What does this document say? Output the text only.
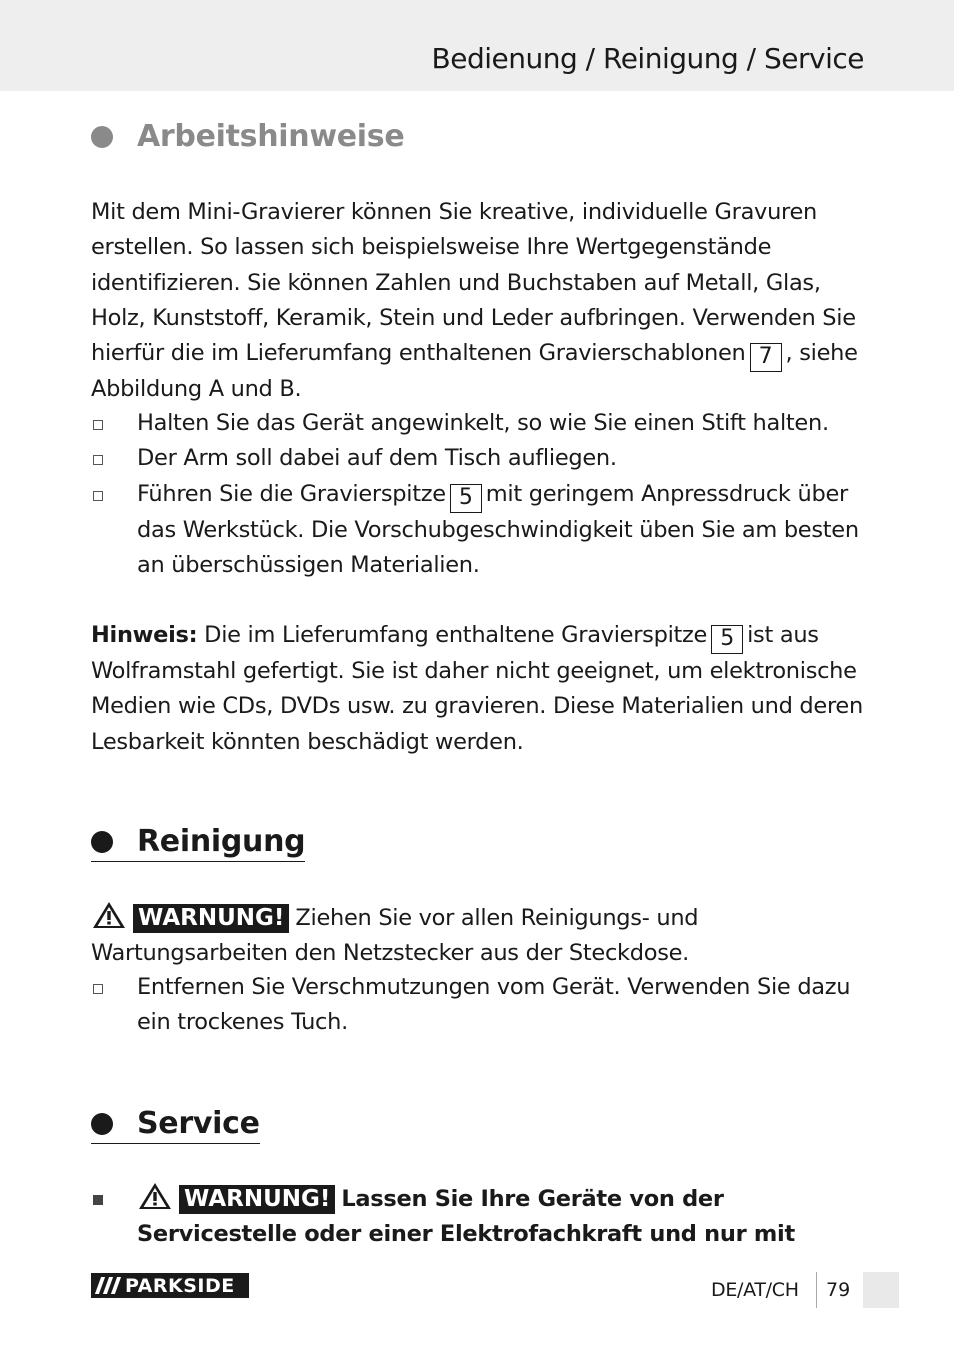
Bedienung / Reinigung / Service
Arbeitshinweise

Mit dem Mini-Gravierer können Sie kreative, individuelle Gravuren erstellen. So lassen sich beispielsweise Ihre Wertgegenstände identifizieren. Sie können Zahlen und Buchstaben auf Metall, Glas, Holz, Kunststoff, Keramik, Stein und Leder aufbringen. Verwenden Sie hierfür die im Lieferumfang enthaltenen Gravierschablonen 7 , siehe Abbildung A und B.

Halten Sie das Gerät angewinkelt, so wie Sie einen Stift halten.
Der Arm soll dabei auf dem Tisch aufliegen.
Führen Sie die Gravierspitze 5 mit geringem Anpressdruck über das Werkstück. Die Vorschubgeschwindigkeit üben Sie am besten an überschüssigen Materialien.

Hinweis: Die im Lieferumfang enthaltene Gravierspitze 5 ist aus Wolframstahl gefertigt. Sie ist daher nicht geeignet, um elektronische Medien wie CDs, DVDs usw. zu gravieren. Diese Materialien und deren Lesbarkeit könnten beschädigt werden.

Reinigung

WARNUNG! Ziehen Sie vor allen Reinigungs- und Wartungsarbeiten den Netzstecker aus der Steckdose.

Entfernen Sie Verschmutzungen vom Gerät. Verwenden Sie dazu ein trockenes Tuch.
Service
WARNUNG! Lassen Sie Ihre Geräte von der Servicestelle oder einer Elektrofachkraft und nur mit
PARKSIDE	DE/AT/CH 79
